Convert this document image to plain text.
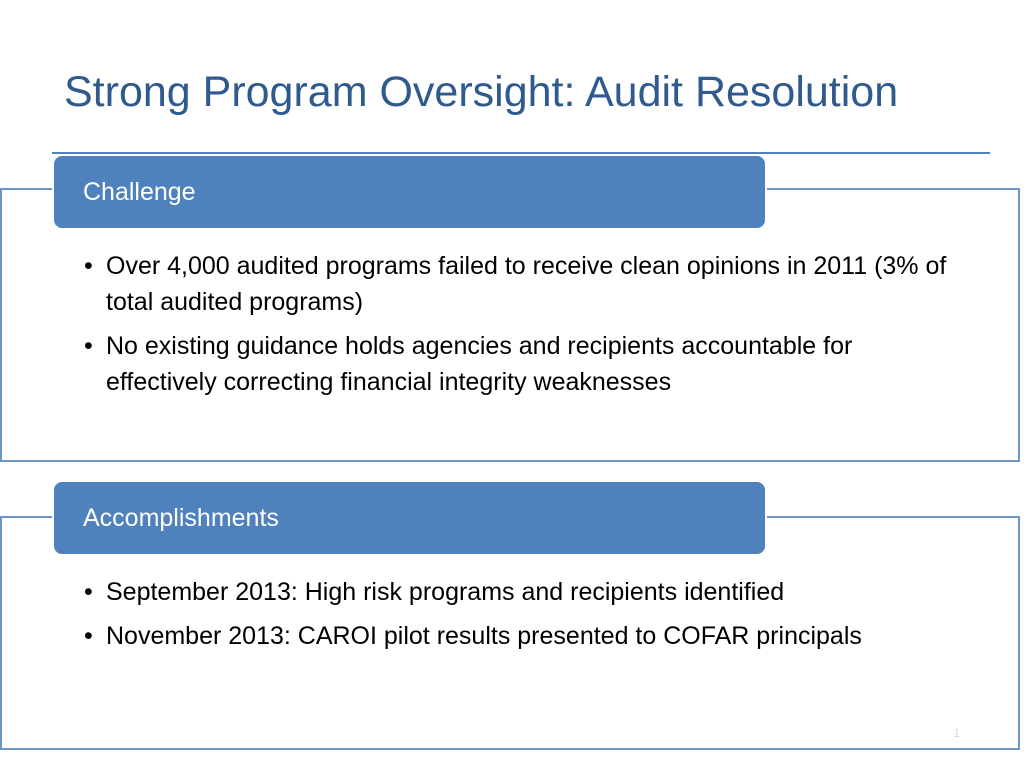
Strong Program Oversight: Audit Resolution
Challenge
• Over 4,000 audited programs failed to receive clean opinions in 2011 (3% of total audited programs)
• No existing guidance holds agencies and recipients accountable for effectively correcting financial integrity weaknesses
Accomplishments
• September 2013: High risk programs and recipients identified
• November 2013: CAROI pilot results presented to COFAR principals
1
